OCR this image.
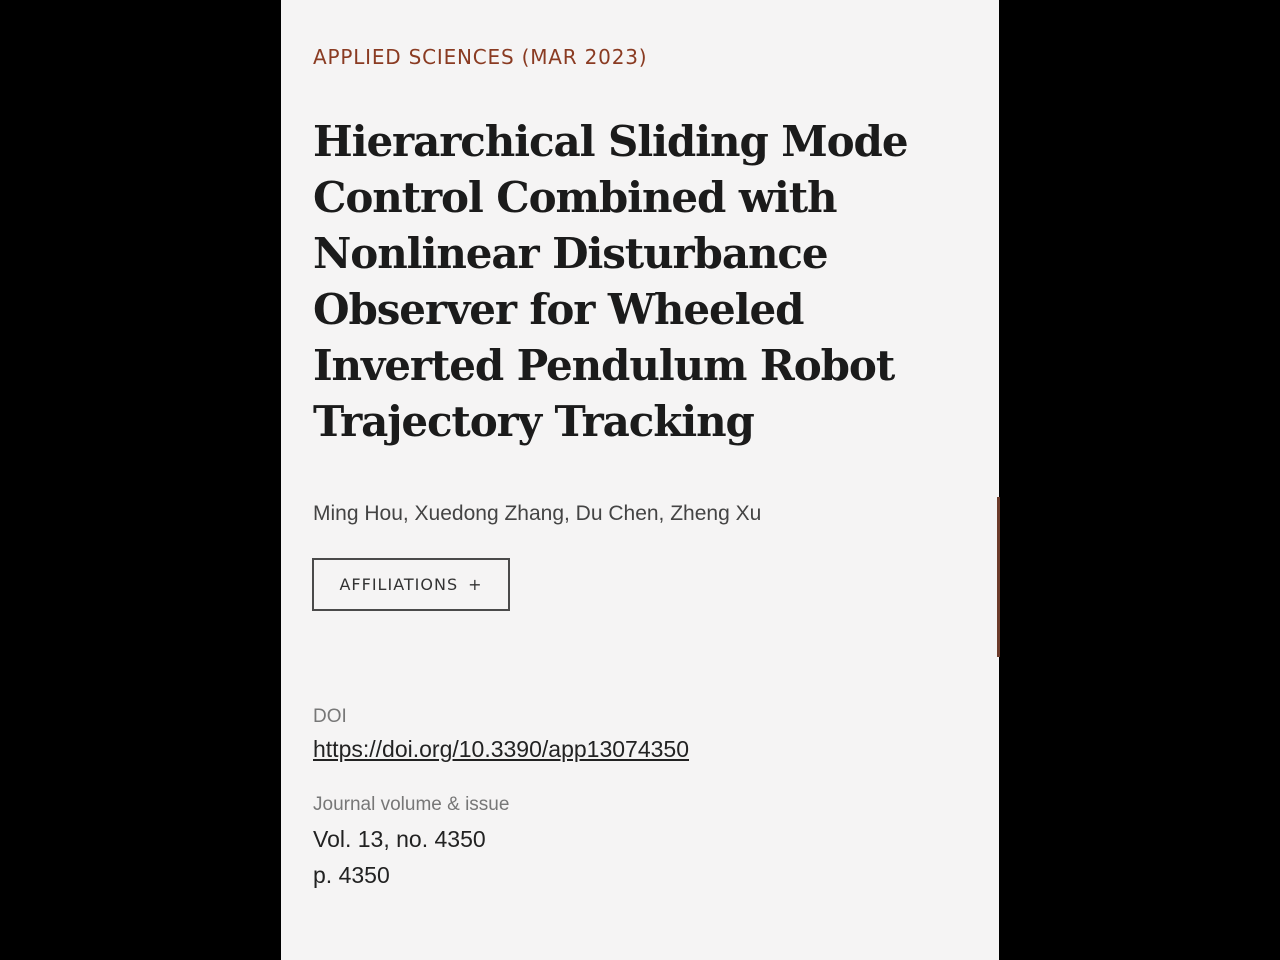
APPLIED SCIENCES (MAR 2023)
Hierarchical Sliding Mode Control Combined with Nonlinear Disturbance Observer for Wheeled Inverted Pendulum Robot Trajectory Tracking
Ming Hou, Xuedong Zhang, Du Chen, Zheng Xu
AFFILIATIONS +
DOI
https://doi.org/10.3390/app13074350
Journal volume & issue
Vol. 13, no. 4350
p. 4350
